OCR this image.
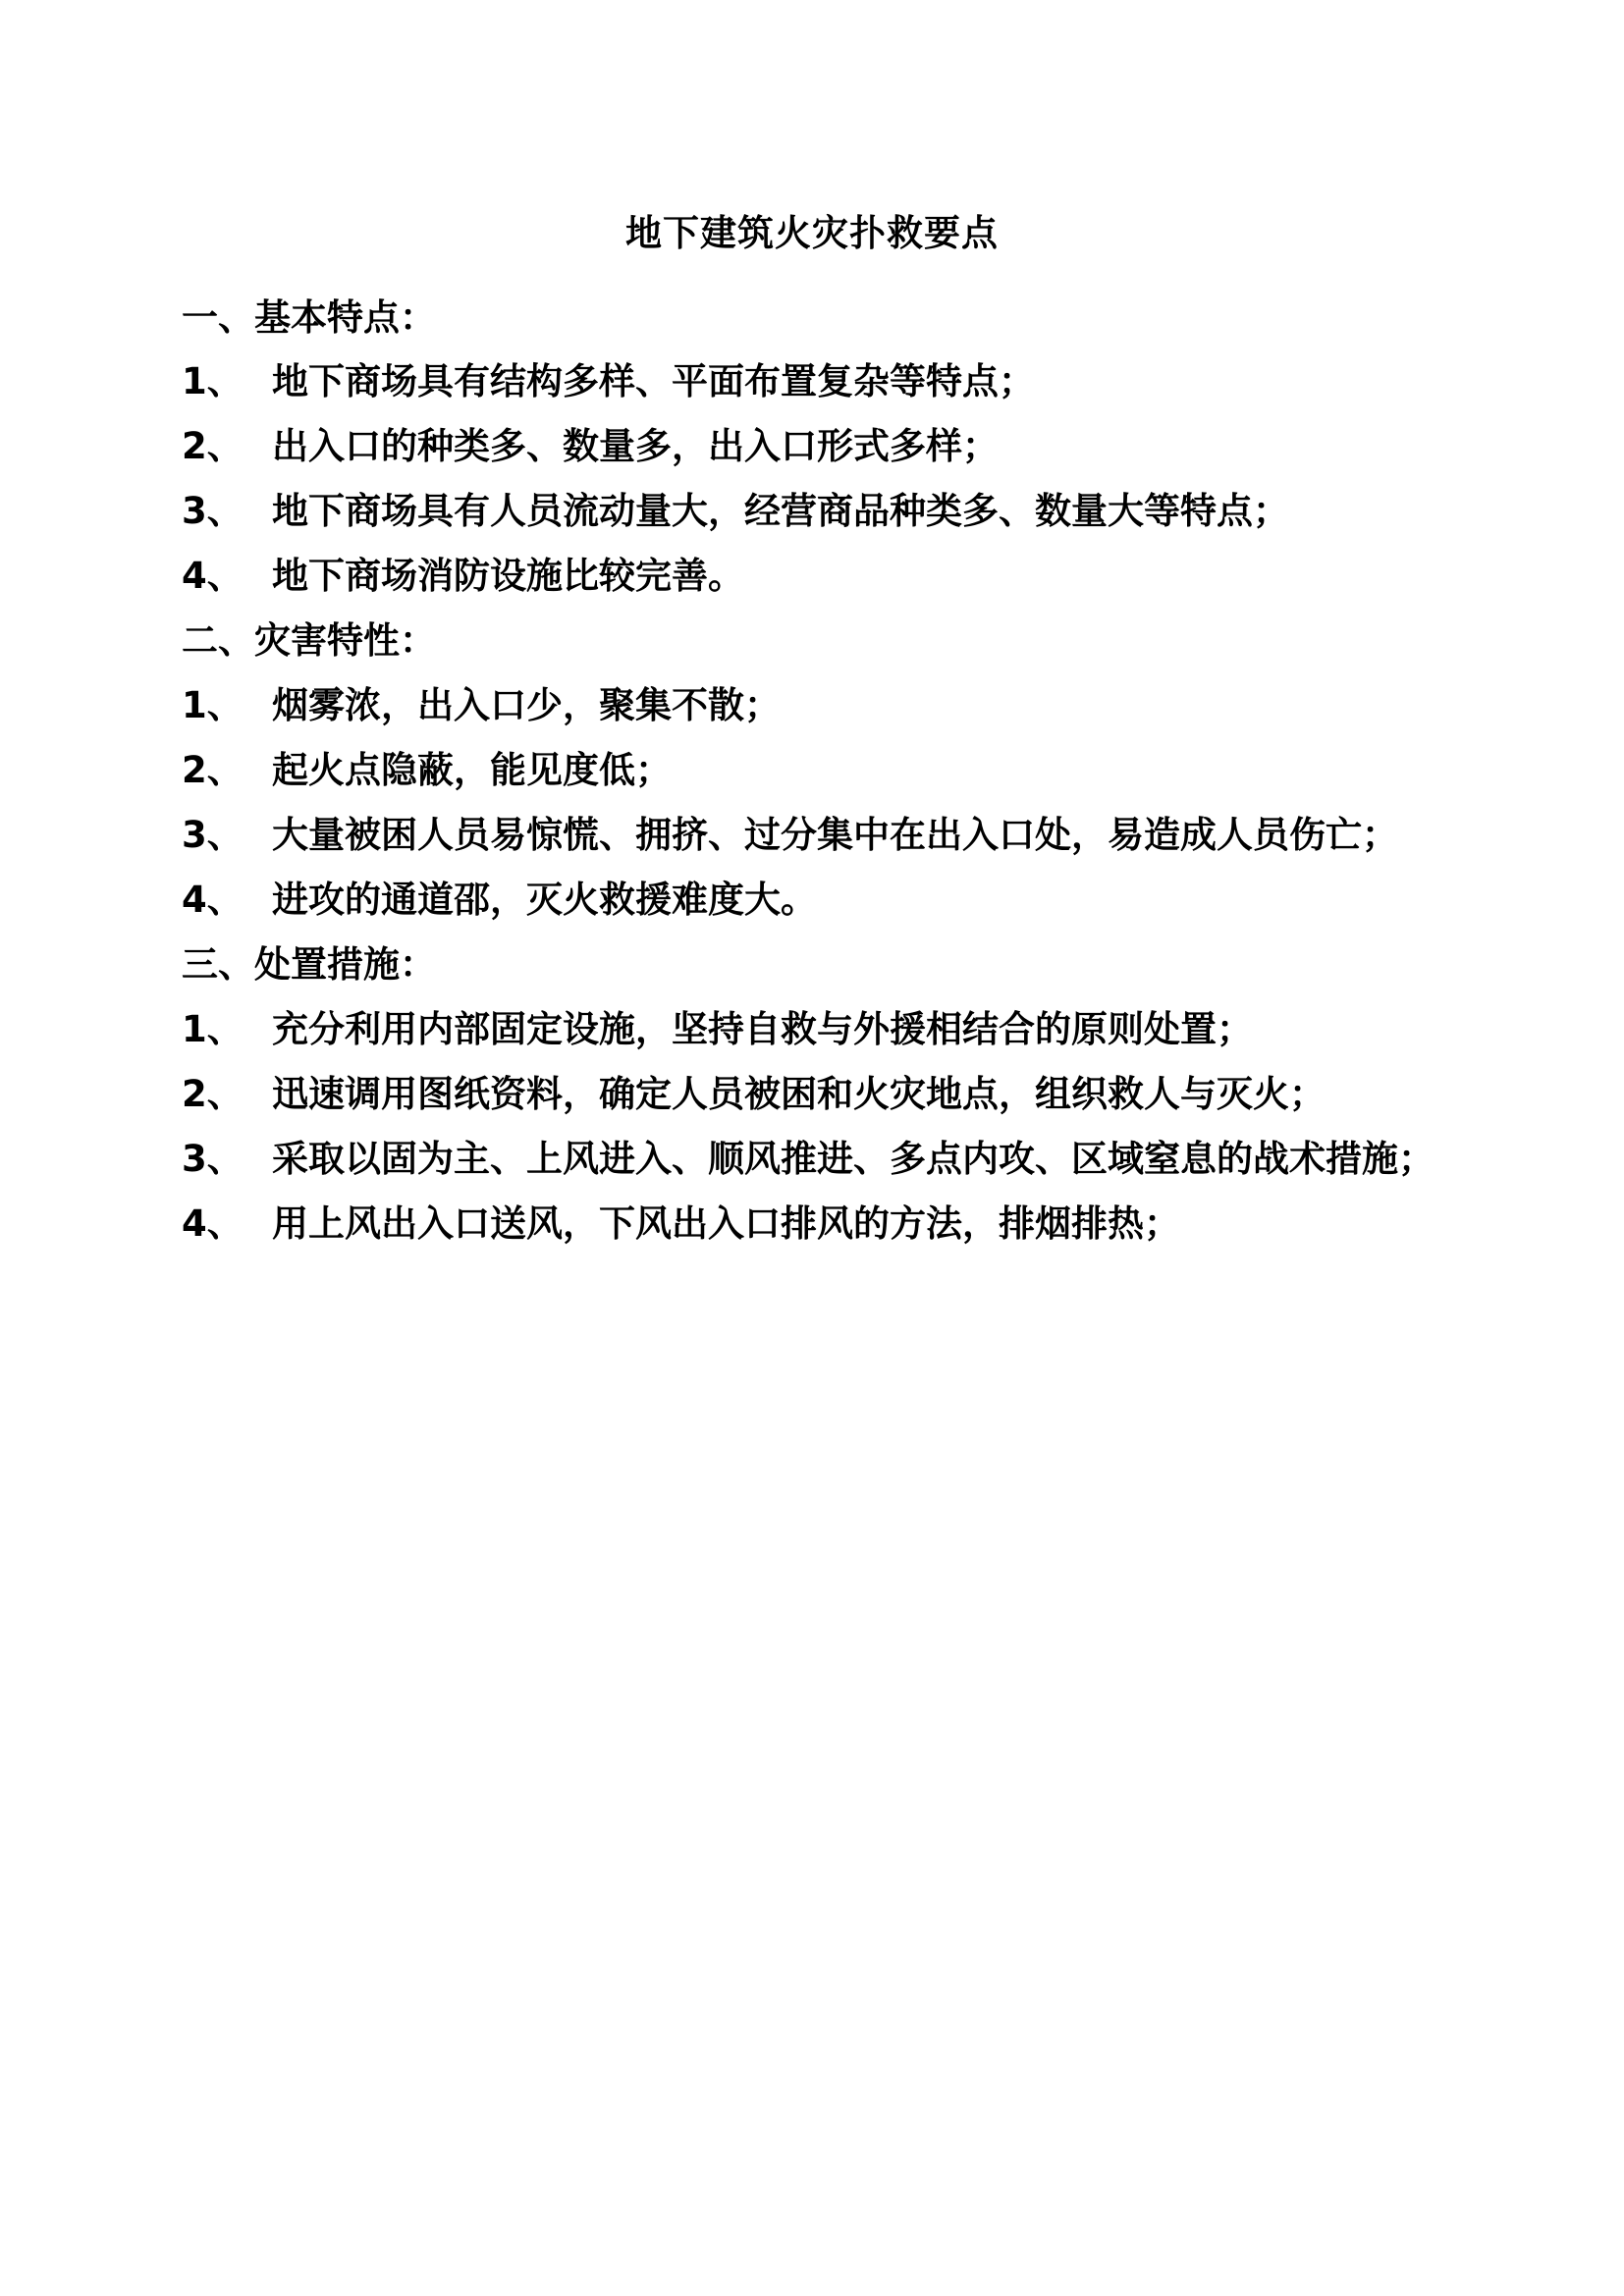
地下建筑火灾扑救要点

一、基本特点：

1、 地下商场具有结构多样、平面布置复杂等特点；

2、 出入口的种类多、数量多，出入口形式多样；

3、 地下商场具有人员流动量大，经营商品种类多、数量大等特点；

4、 地下商场消防设施比较完善。

二、灾害特性：

1、 烟雾浓，出入口少，聚集不散；

2、 起火点隐蔽，能见度低；

3、 大量被困人员易惊慌、拥挤、过分集中在出入口处，易造成人员伤亡；

4、 进攻的通道邵，灭火救援难度大。

三、处置措施：

1、 充分利用内部固定设施，坚持自救与外援相结合的原则处置；

2、 迅速调用图纸资料，确定人员被困和火灾地点，组织救人与灭火；

3、 采取以固为主、上风进入、顺风推进、多点内攻、区域窒息的战术措施；

4、 用上风出入口送风，下风出入口排风的方法，排烟排热；
